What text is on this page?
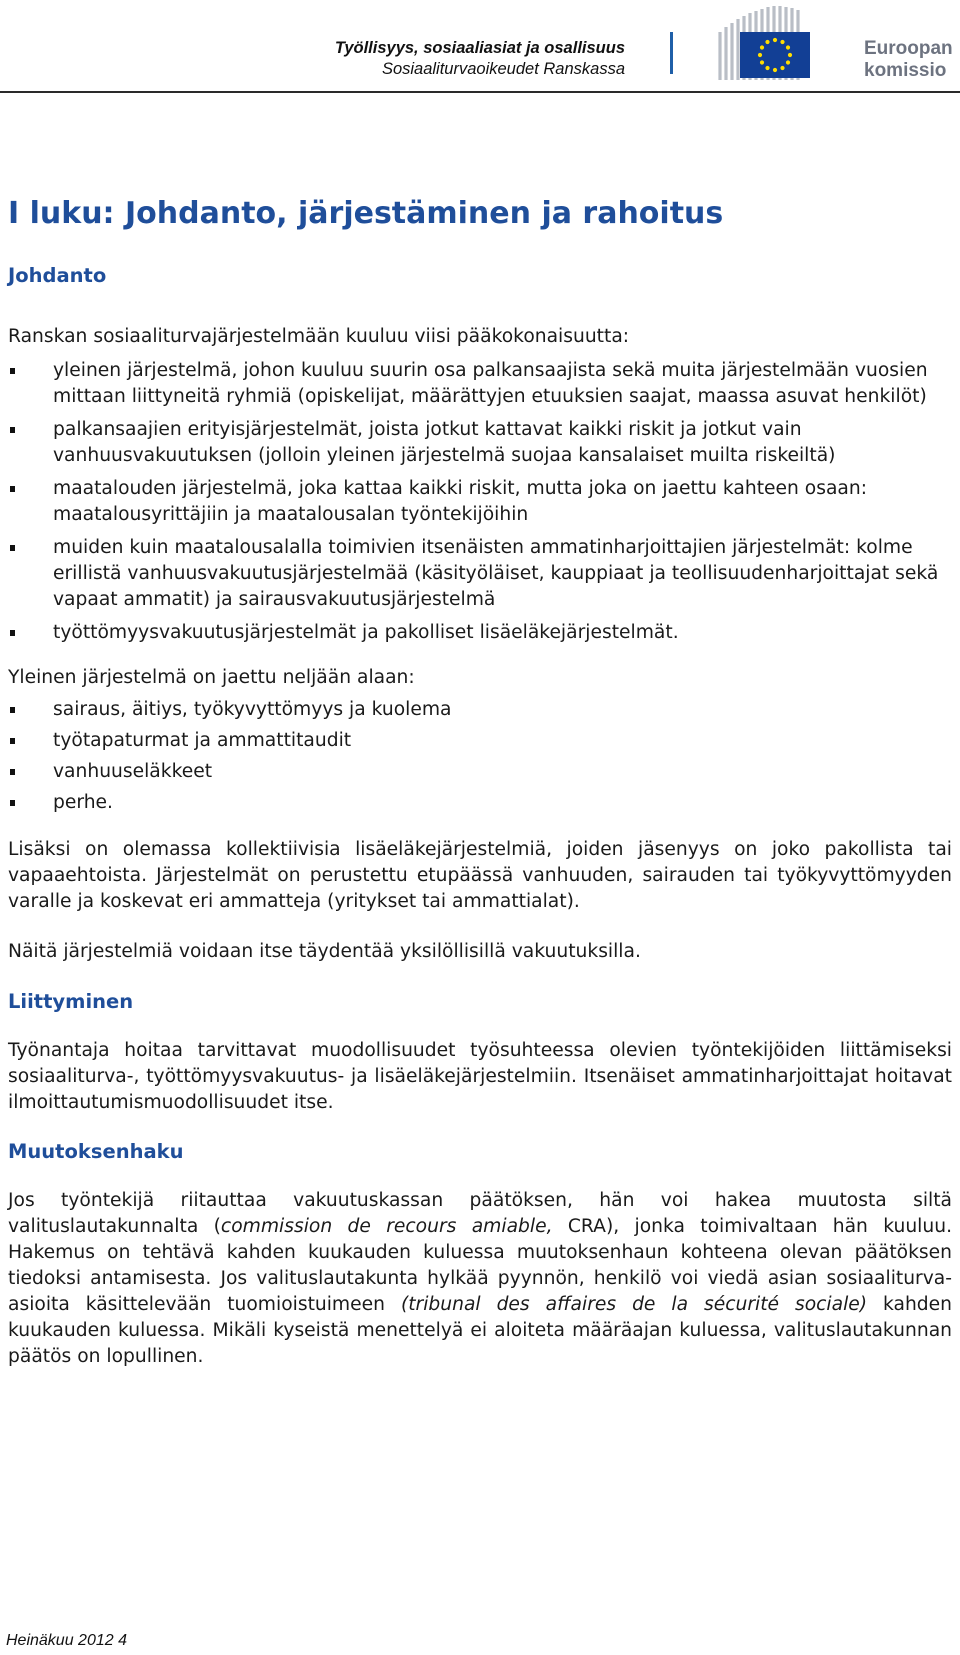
Työllisyys, sosiaaliasiat ja osallisuus
Sosiaaliturvaoikeudet Ranskassa
Euroopan
komissio
I luku: Johdanto, järjestäminen ja rahoitus
Johdanto

Ranskan sosiaaliturvajärjestelmään kuuluu viisi pääkokonaisuutta:

yleinen järjestelmä, johon kuuluu suurin osa palkansaajista sekä muita järjestelmään vuosien mittaan liittyneitä ryhmiä (opiskelijat, määrättyjen etuuksien saajat, maassa asuvat henkilöt)
palkansaajien erityisjärjestelmät, joista jotkut kattavat kaikki riskit ja jotkut vain vanhuusvakuutuksen (jolloin yleinen järjestelmä suojaa kansalaiset muilta riskeiltä)
maatalouden järjestelmä, joka kattaa kaikki riskit, mutta joka on jaettu kahteen osaan: maatalousyrittäjiin ja maatalousalan työntekijöihin
muiden kuin maatalousalalla toimivien itsenäisten ammatinharjoittajien järjestelmät: kolme erillistä vanhuusvakuutusjärjestelmää (käsityöläiset, kauppiaat ja teollisuudenharjoittajat sekä vapaat ammatit) ja sairausvakuutusjärjestelmä
työttömyysvakuutusjärjestelmät ja pakolliset lisäeläkejärjestelmät.

Yleinen järjestelmä on jaettu neljään alaan:

sairaus, äitiys, työkyvyttömyys ja kuolema
työtapaturmat ja ammattitaudit
vanhuuseläkkeet
perhe.

Lisäksi on olemassa kollektiivisia lisäeläkejärjestelmiä, joiden jäsenyys on joko pakollista tai vapaaehtoista. Järjestelmät on perustettu etupäässä vanhuuden, sairauden tai työkyvyttömyyden varalle ja koskevat eri ammatteja (yritykset tai ammattialat).

Näitä järjestelmiä voidaan itse täydentää yksilöllisillä vakuutuksilla.

Liittyminen

Työnantaja hoitaa tarvittavat muodollisuudet työsuhteessa olevien työntekijöiden liittämiseksi sosiaaliturva-, työttömyysvakuutus- ja lisäeläkejärjestelmiin. Itsenäiset ammatinharjoittajat hoitavat ilmoittautumismuodollisuudet itse.

Muutoksenhaku

Jos työntekijä riitauttaa vakuutuskassan päätöksen, hän voi hakea muutosta siltä valituslautakunnalta (commission de recours amiable, CRA), jonka toimivaltaan hän kuuluu. Hakemus on tehtävä kahden kuukauden kuluessa muutoksenhaun kohteena olevan päätöksen tiedoksi antamisesta. Jos valituslautakunta hylkää pyynnön, henkilö voi viedä asian sosiaaliturva-asioita käsittelevään tuomioistuimeen (tribunal des affaires de la sécurité sociale) kahden kuukauden kuluessa. Mikäli kyseistä menettelyä ei aloiteta määräajan kuluessa, valituslautakunnan päätös on lopullinen.

Heinäkuu 2012 4
